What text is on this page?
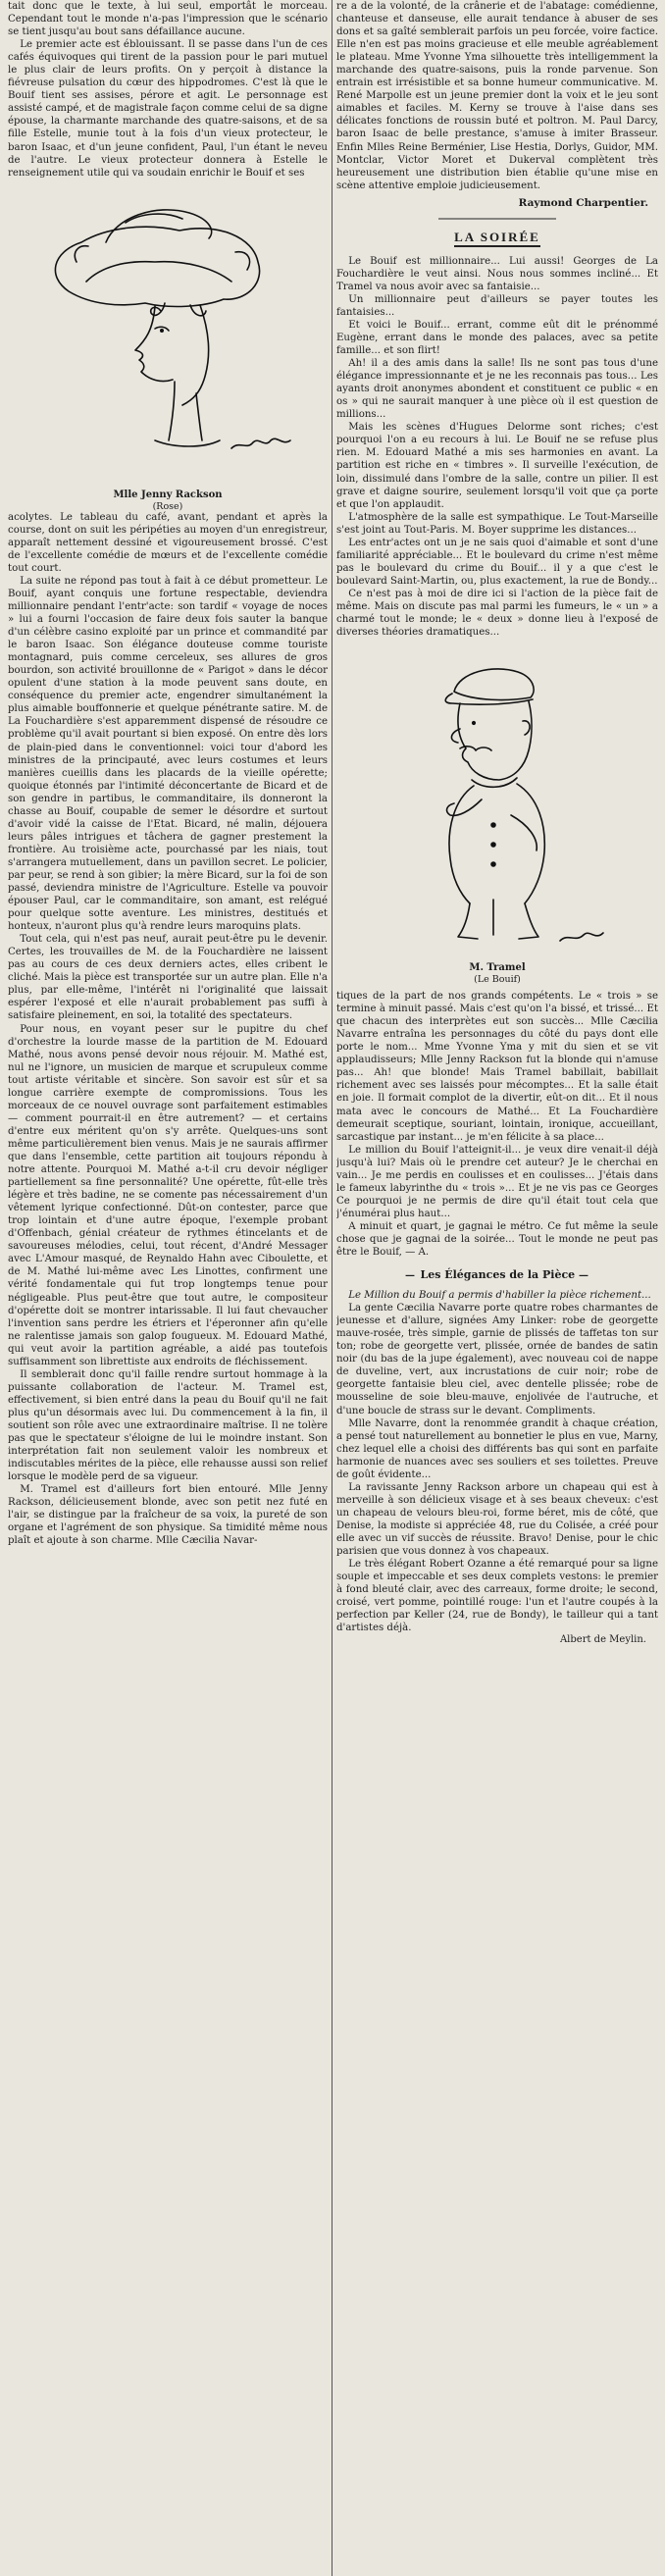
tait donc que le texte, à lui seul, emportât le morceau. Cependant tout le monde n'a-pas l'impression que le scénario se tient jusqu'au bout sans défaillance aucune.

Le premier acte est éblouissant. Il se passe dans l'un de ces cafés équivoques qui tirent de la passion pour le pari mutuel le plus clair de leurs profits. On y perçoit à distance la fiévreuse pulsation du cœur des hippodromes. C'est là que le Bouif tient ses assises, pérore et agit. Le personnage est assisté campé, et de magistrale façon comme celui de sa digne épouse, la charmante marchande des quatre-saisons, et de sa fille Estelle, munie tout à la fois d'un vieux protecteur, le baron Isaac, et d'un jeune confident, Paul, l'un étant le neveu de l'autre. Le vieux protecteur donnera à Estelle le renseignement utile qui va soudain enrichir le Bouif et ses

Mlle Jenny Rackson
(Rose)

acolytes. Le tableau du café, avant, pendant et après la course, dont on suit les péripéties au moyen d'un enregistreur, apparaît nettement dessiné et vigoureusement brossé. C'est de l'excellente comédie de mœurs et de l'excellente comédie tout court.

La suite ne répond pas tout à fait à ce début prometteur. Le Bouif, ayant conquis une fortune respectable, deviendra millionnaire pendant l'entr'acte: son tardif « voyage de noces » lui a fourni l'occasion de faire deux fois sauter la banque d'un célèbre casino exploité par un prince et commandité par le baron Isaac. Son élégance douteuse comme touriste montagnard, puis comme cerceleux, ses allures de gros bourdon, son activité brouillonne de « Parigot » dans le décor opulent d'une station à la mode peuvent sans doute, en conséquence du premier acte, engendrer simultanément la plus aimable bouffonnerie et quelque pénétrante satire. M. de La Fouchardière s'est apparemment dispensé de résoudre ce problème qu'il avait pourtant si bien exposé. On entre dès lors de plain-pied dans le conventionnel: voici tour d'abord les ministres de la principauté, avec leurs costumes et leurs manières cueillis dans les placards de la vieille opérette; quoique étonnés par l'intimité déconcertante de Bicard et de son gendre in partibus, le commanditaire, ils donneront la chasse au Bouif, coupable de semer le désordre et surtout d'avoir vidé la caisse de l'Etat. Bicard, né malin, déjouera leurs pâles intrigues et tâchera de gagner prestement la frontière. Au troisième acte, pourchassé par les niais, tout s'arrangera mutuellement, dans un pavillon secret. Le policier, par peur, se rend à son gibier; la mère Bicard, sur la foi de son passé, deviendra ministre de l'Agriculture. Estelle va pouvoir épouser Paul, car le commanditaire, son amant, est relégué pour quelque sotte aventure. Les ministres, destitués et honteux, n'auront plus qu'à rendre leurs maroquins plats.

Tout cela, qui n'est pas neuf, aurait peut-être pu le devenir. Certes, les trouvailles de M. de la Fouchardière ne laissent pas au cours de ces deux derniers actes, elles cribent le cliché. Mais la pièce est transportée sur un autre plan. Elle n'a plus, par elle-même, l'intérêt ni l'originalité que laissait espérer l'exposé et elle n'aurait probablement pas suffi à satisfaire pleinement, en soi, la totalité des spectateurs.

Pour nous, en voyant peser sur le pupitre du chef d'orchestre la lourde masse de la partition de M. Edouard Mathé, nous avons pensé devoir nous réjouir. M. Mathé est, nul ne l'ignore, un musicien de marque et scrupuleux comme tout artiste véritable et sincère. Son savoir est sûr et sa longue carrière exempte de compromissions. Tous les morceaux de ce nouvel ouvrage sont parfaitement estimables — comment pourrait-il en être autrement? — et certains d'entre eux méritent qu'on s'y arrête. Quelques-uns sont même particulièrement bien venus. Mais je ne saurais affirmer que dans l'ensemble, cette partition ait toujours répondu à notre attente. Pourquoi M. Mathé a-t-il cru devoir négliger partiellement sa fine personnalité? Une opérette, fût-elle très légère et très badine, ne se comente pas nécessairement d'un vêtement lyrique confectionné. Dût-on contester, parce que trop lointain et d'une autre époque, l'exemple probant d'Offenbach, génial créateur de rythmes étincelants et de savoureuses mélodies, celui, tout récent, d'André Messager avec L'Amour masqué, de Reynaldo Hahn avec Ciboulette, et de M. Mathé lui-même avec Les Linottes, confirment une vérité fondamentale qui fut trop longtemps tenue pour négligeable. Plus peut-être que tout autre, le compositeur d'opérette doit se montrer intarissable. Il lui faut chevaucher l'invention sans perdre les étriers et l'éperonner afin qu'elle ne ralentisse jamais son galop fougueux. M. Edouard Mathé, qui veut avoir la partition agréable, a aidé pas toutefois suffisamment son librettiste aux endroits de fléchissement.

Il semblerait donc qu'il faille rendre surtout hommage à la puissante collaboration de l'acteur. M. Tramel est, effectivement, si bien entré dans la peau du Bouif qu'il ne fait plus qu'un désormais avec lui. Du commencement à la fin, il soutient son rôle avec une extraordinaire maîtrise. Il ne tolère pas que le spectateur s'éloigne de lui le moindre instant. Son interprétation fait non seulement valoir les nombreux et indiscutables mérites de la pièce, elle rehausse aussi son relief lorsque le modèle perd de sa vigueur.

M. Tramel est d'ailleurs fort bien entouré. Mlle Jenny Rackson, délicieusement blonde, avec son petit nez futé en l'air, se distingue par la fraîcheur de sa voix, la pureté de son organe et l'agrément de son physique. Sa timidité même nous plaît et ajoute à son charme. Mlle Cæcilia Navar-

re a de la volonté, de la crânerie et de l'abatage: comédienne, chanteuse et danseuse, elle aurait tendance à abuser de ses dons et sa gaîté semblerait parfois un peu forcée, voire factice. Elle n'en est pas moins gracieuse et elle meuble agréablement le plateau. Mme Yvonne Yma silhouette très intelligemment la marchande des quatre-saisons, puis la ronde parvenue. Son entrain est irrésistible et sa bonne humeur communicative. M. René Marpolle est un jeune premier dont la voix et le jeu sont aimables et faciles. M. Kerny se trouve à l'aise dans ses délicates fonctions de roussin buté et poltron. M. Paul Darcy, baron Isaac de belle prestance, s'amuse à imiter Brasseur. Enfin Mlles Reine Berménier, Lise Hestia, Dorlys, Guidor, MM. Montclar, Victor Moret et Dukerval complètent très heureusement une distribution bien établie qu'une mise en scène attentive emploie judicieusement.

Raymond Charpentier.
LA SOIRÉE

Le Bouif est millionnaire... Lui aussi! Georges de La Fouchardière le veut ainsi. Nous nous sommes incliné... Et Tramel va nous avoir avec sa fantaisie...

Un millionnaire peut d'ailleurs se payer toutes les fantaisies...

Et voici le Bouif... errant, comme eût dit le prénommé Eugène, errant dans le monde des palaces, avec sa petite famille... et son flirt!

Ah! il a des amis dans la salle! Ils ne sont pas tous d'une élégance impressionnante et je ne les reconnais pas tous... Les ayants droit anonymes abondent et constituent ce public « en os » qui ne saurait manquer à une pièce où il est question de millions...

Mais les scènes d'Hugues Delorme sont riches; c'est pourquoi l'on a eu recours à lui. Le Bouif ne se refuse plus rien. M. Edouard Mathé a mis ses harmonies en avant. La partition est riche en « timbres ». Il surveille l'exécution, de loin, dissimulé dans l'ombre de la salle, contre un pilier. Il est grave et daigne sourire, seulement lorsqu'il voit que ça porte et que l'on applaudit.

L'atmosphère de la salle est sympathique. Le Tout-Marseille s'est joint au Tout-Paris. M. Boyer supprime les distances...

Les entr'actes ont un je ne sais quoi d'aimable et sont d'une familiarité appréciable... Et le boulevard du crime n'est même pas le boulevard du crime du Bouif... il y a que c'est le boulevard Saint-Martin, ou, plus exactement, la rue de Bondy...

Ce n'est pas à moi de dire ici si l'action de la pièce fait de même. Mais on discute pas mal parmi les fumeurs, le « un » a charmé tout le monde; le « deux » donne lieu à l'exposé de diverses théories dramatiques...

M. Tramel
(Le Bouif)

tiques de la part de nos grands compétents. Le « trois » se termine à minuit passé. Mais c'est qu'on l'a bissé, et trissé... Et que chacun des interprètes eut son succès... Mlle Cæcilia Navarre entraîna les personnages du côté du pays dont elle porte le nom... Mme Yvonne Yma y mit du sien et se vit applaudisseurs; Mlle Jenny Rackson fut la blonde qui n'amuse pas... Ah! que blonde! Mais Tramel babillait, babillait richement avec ses laissés pour mécomptes... Et la salle était en joie. Il formait complot de la divertir, eût-on dit... Et il nous mata avec le concours de Mathé... Et La Fouchardière demeurait sceptique, souriant, lointain, ironique, accueillant, sarcastique par instant... je m'en félicite à sa place...

Le million du Bouif l'atteignit-il... je veux dire venait-il déjà jusqu'à lui? Mais où le prendre cet auteur? Je le cherchai en vain... Je me perdis en coulisses et en coulisses... J'étais dans le fameux labyrinthe du « trois »... Et je ne vis pas ce Georges Ce pourquoi je ne permis de dire qu'il était tout cela que j'énumérai plus haut...

A minuit et quart, je gagnai le métro. Ce fut même la seule chose que je gagnai de la soirée... Tout le monde ne peut pas être le Bouif, — A.

— Les Élégances de la Pièce —

Le Million du Bouif a permis d'habiller la pièce richement...

La gente Cæcilia Navarre porte quatre robes charmantes de jeunesse et d'allure, signées Amy Linker: robe de georgette mauve-rosée, très simple, garnie de plissés de taffetas ton sur ton; robe de georgette vert, plissée, ornée de bandes de satin noir (du bas de la jupe également), avec nouveau coi de nappe de duveline, vert, aux incrustations de cuir noir; robe de georgette fantaisie bleu ciel, avec dentelle plissée; robe de mousseline de soie bleu-mauve, enjolivée de l'autruche, et d'une boucle de strass sur le devant. Compliments.

Mlle Navarre, dont la renommée grandit à chaque création, a pensé tout naturellement au bonnetier le plus en vue, Marny, chez lequel elle a choisi des différents bas qui sont en parfaite harmonie de nuances avec ses souliers et ses toilettes. Preuve de goût évidente...

La ravissante Jenny Rackson arbore un chapeau qui est à merveille à son délicieux visage et à ses beaux cheveux: c'est un chapeau de velours bleu-roi, forme béret, mis de côté, que Denise, la modiste si appréciée 48, rue du Colisée, a créé pour elle avec un vif succès de réussite. Bravo! Denise, pour le chic parisien que vous donnez à vos chapeaux.

Le très élégant Robert Ozanne a été remarqué pour sa ligne souple et impeccable et ses deux complets vestons: le premier à fond bleuté clair, avec des carreaux, forme droite; le second, croisé, vert pomme, pointillé rouge: l'un et l'autre coupés à la perfection par Keller (24, rue de Bondy), le tailleur qui a tant d'artistes déjà.

Albert de Meylin.
